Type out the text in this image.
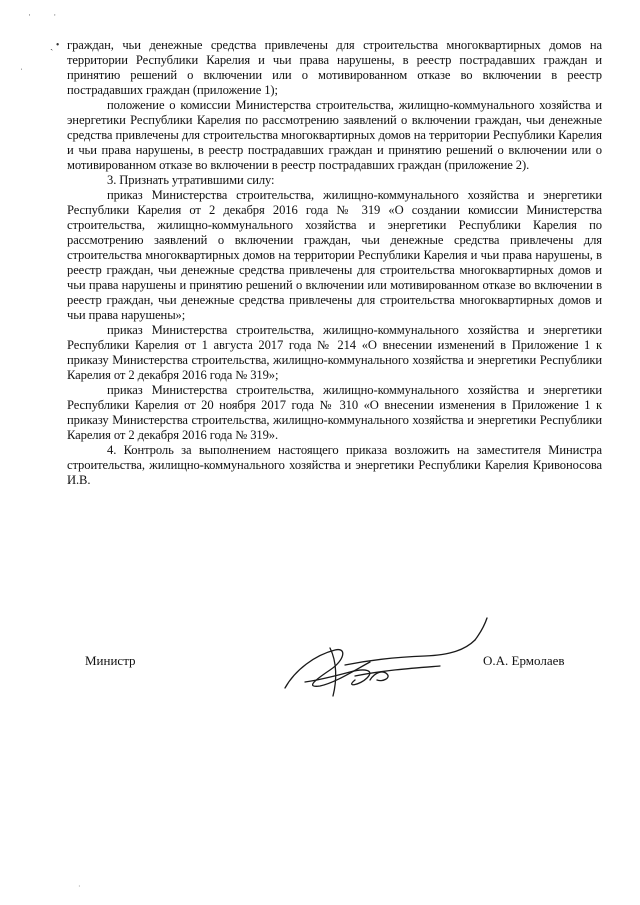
· ·
ˏ •
ˌ

граждан, чьи денежные средства привлечены для строительства многоквартирных домов на территории Республики Карелия и чьи права нарушены, в реестр пострадавших граждан и принятию решений о включении или о мотивированном отказе во включении в реестр пострадавших граждан (приложение 1);

положение о комиссии Министерства строительства, жилищно-коммунального хозяйства и энергетики Республики Карелия по рассмотрению заявлений о включении граждан, чьи денежные средства привлечены для строительства многоквартирных домов на территории Республики Карелия и чьи права нарушены, в реестр пострадавших граждан и принятию решений о включении или о мотивированном отказе во включении в реестр пострадавших граждан (приложение 2).

3. Признать утратившими силу:

приказ Министерства строительства, жилищно-коммунального хозяйства и энергетики Республики Карелия от 2 декабря 2016 года № 319 «О создании комиссии Министерства строительства, жилищно-коммунального хозяйства и энергетики Республики Карелия по рассмотрению заявлений о включении граждан, чьи денежные средства привлечены для строительства многоквартирных домов на территории Республики Карелия и чьи права нарушены, в реестр граждан, чьи денежные средства привлечены для строительства многоквартирных домов и чьи права нарушены и принятию решений о включении или мотивированном отказе во включении в реестр граждан, чьи денежные средства привлечены для строительства многоквартирных домов и чьи права нарушены»;

приказ Министерства строительства, жилищно-коммунального хозяйства и энергетики Республики Карелия от 1 августа 2017 года № 214 «О внесении изменений в Приложение 1 к приказу Министерства строительства, жилищно-коммунального хозяйства и энергетики Республики Карелия от 2 декабря 2016 года № 319»;

приказ Министерства строительства, жилищно-коммунального хозяйства и энергетики Республики Карелия от 20 ноября 2017 года № 310 «О внесении изменения в Приложение 1 к приказу Министерства строительства, жилищно-коммунального хозяйства и энергетики Республики Карелия от 2 декабря 2016 года № 319».

4. Контроль за выполнением настоящего приказа возложить на заместителя Министра строительства, жилищно-коммунального хозяйства и энергетики Республики Карелия Кривоносова И.В.

Министр	О.А. Ермолаев
·
